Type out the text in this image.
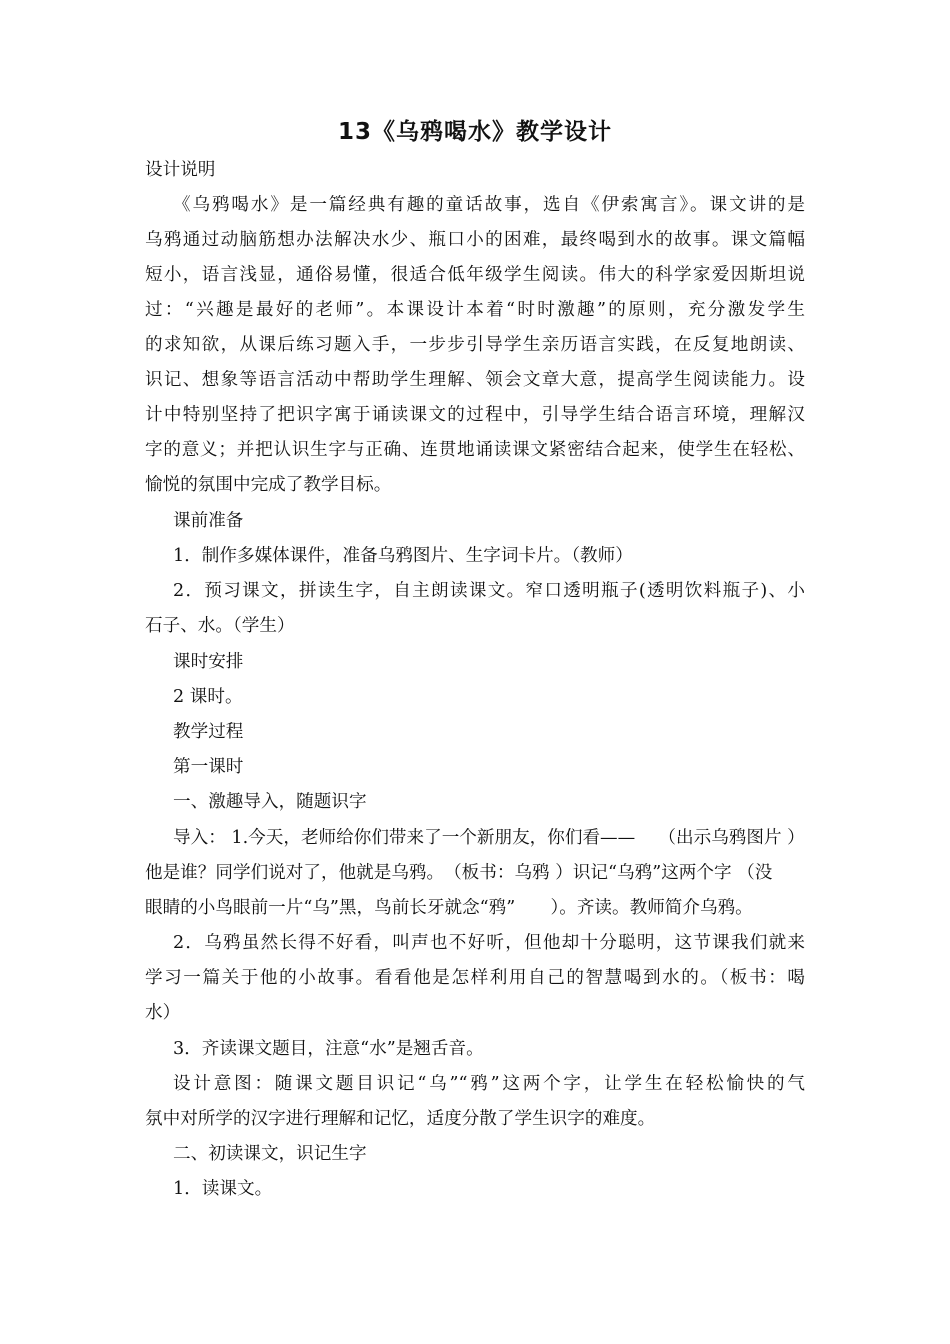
13《乌鸦喝水》教学设计
设计说明
《乌鸦喝水》是一篇经典有趣的童话故事，选自《伊索寓言》。课文讲的是
乌鸦通过动脑筋想办法解决水少、瓶口小的困难，最终喝到水的故事。课文篇幅
短小，语言浅显，通俗易懂，很适合低年级学生阅读。伟大的科学家爱因斯坦说
过：“兴趣是最好的老师”。本课设计本着“时时激趣”的原则，充分激发学生
的求知欲，从课后练习题入手，一步步引导学生亲历语言实践，在反复地朗读、
识记、想象等语言活动中帮助学生理解、领会文章大意，提高学生阅读能力。设
计中特别坚持了把识字寓于诵读课文的过程中，引导学生结合语言环境，理解汉
字的意义；并把认识生字与正确、连贯地诵读课文紧密结合起来，使学生在轻松、
愉悦的氛围中完成了教学目标。
课前准备
1．制作多媒体课件，准备乌鸦图片、生字词卡片。（教师）
2．预习课文，拼读生字，自主朗读课文。窄口透明瓶子(透明饮料瓶子)、小
石子、水。（学生）
课时安排
2 课时。
教学过程
第一课时
一、激趣导入，随题识字
导入： 1.今天，老师给你们带来了一个新朋友，你们看——　 （出示乌鸦图片 ）
他是谁？同学们说对了，他就是乌鸦。　（板书：乌鸦 ）识记“乌鸦”这两个字 （没
眼睛的小鸟眼前一片“乌”黑，鸟前长牙就念“鸦”　　）。齐读。教师简介乌鸦。
2．乌鸦虽然长得不好看，叫声也不好听，但他却十分聪明，这节课我们就来
学习一篇关于他的小故事。看看他是怎样利用自己的智慧喝到水的。（板书：喝
水）
3．齐读课文题目，注意“水”是翘舌音。
设计意图：随课文题目识记“乌”“鸦”这两个字，让学生在轻松愉快的气
氛中对所学的汉字进行理解和记忆，适度分散了学生识字的难度。
二、初读课文，识记生字
1．读课文。
